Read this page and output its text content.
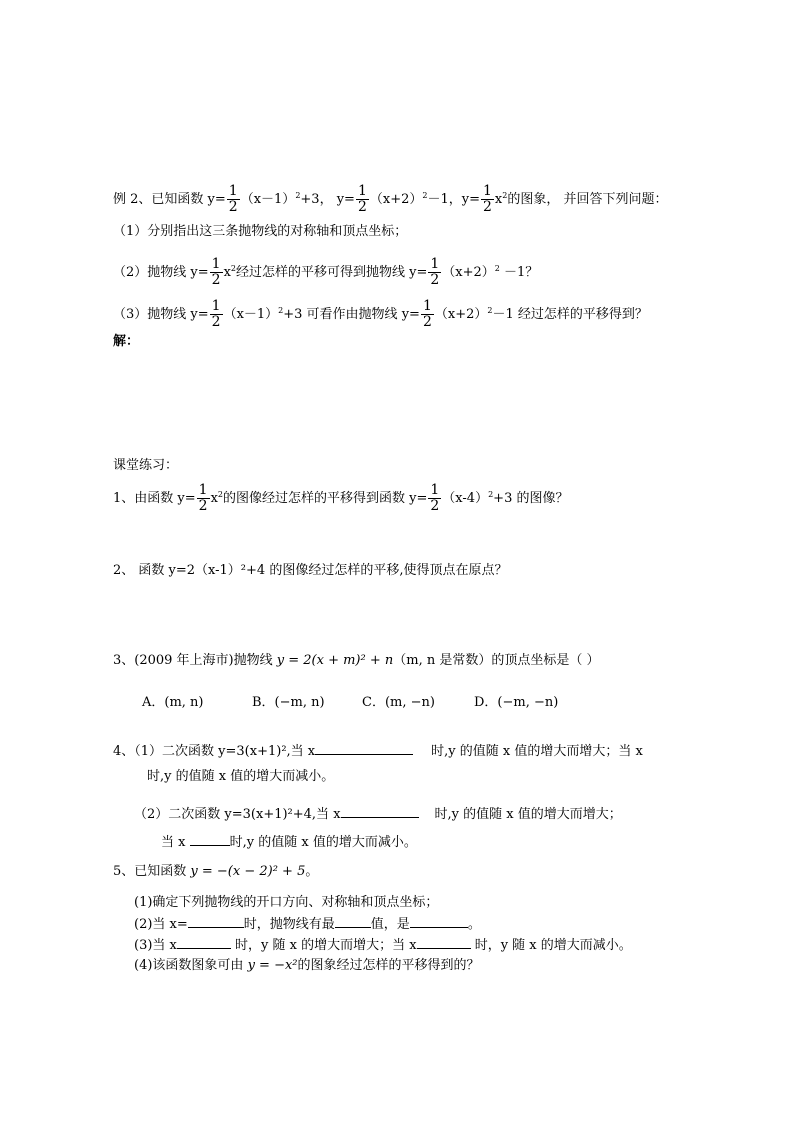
例 2、已知函数 $y= \frac{1}{2} (x-1)^2+3$， $y= \frac{1}{2} (x+2)^2-1$，$y= \frac{1}{2} x^2$的图象， 并回答下列问题：
（1）分别指出这三条抛物线的对称轴和顶点坐标；
（2）抛物线 $y= \frac{1}{2} x^2$经过怎样的平移可得到抛物线 $y= \frac{1}{2} (x+2)^2 -1$？
（3）抛物线 $y= \frac{1}{2} (x-1)^2+3$ 可看作由抛物线 $y= \frac{1}{2} (x+2)^2-1$ 经过怎样的平移得到？
解：
课堂练习：
1、由函数 $y= \frac{1}{2} x^2$的图像经过怎样的平移得到函数 $y= \frac{1}{2} (x-4)^2+3$ 的图像？
2、 函数 y=2（x-1）²+4 的图像经过怎样的平移,使得顶点在原点？
3、(2009 年上海市)抛物线 y = 2(x + m)² + n（m, n 是常数）的顶点坐标是（ ）
A．(m, n)	B．(−m, n)	C．(m, −n)	D．(−m, −n)
4、（1）二次函数 y=3(x+1)²,当 x	时,y 的值随 x 值的增大而增大；当 x
时,y 的值随 x 值的增大而减小。
（2）二次函数 y=3(x+1)²+4,当 x	时,y 的值随 x 值的增大而增大；
当 x	时,y 的值随 x 值的增大而减小。
5、已知函数 y = −(x − 2)² + 5。
(1)确定下列抛物线的开口方向、对称轴和顶点坐标；
(2)当 x=	时，抛物线有最	值，是	。
(3)当 x	时，y 随 x 的增大而增大；当 x	时，y 随 x 的增大而减小。
(4)该函数图象可由 y = −x²的图象经过怎样的平移得到的？
